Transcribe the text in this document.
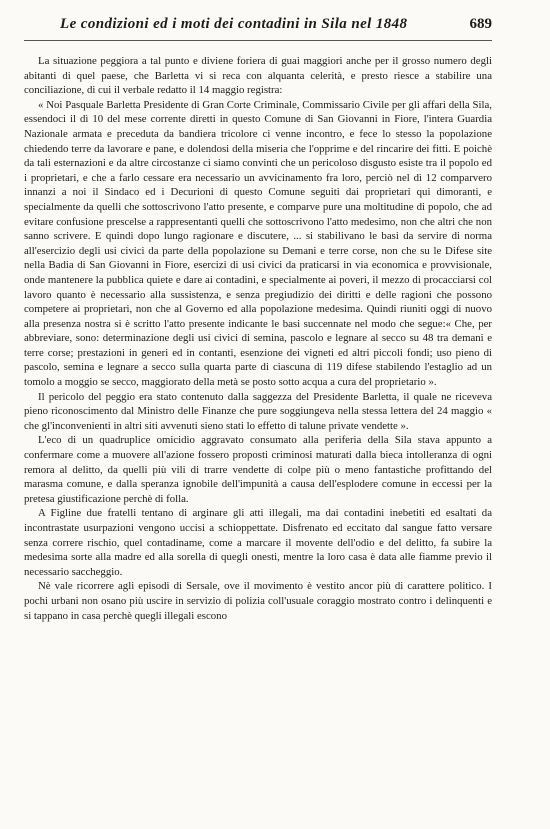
Le condizioni ed i moti dei contadini in Sila nel 1848	689

La situazione peggiora a tal punto e diviene foriera di guai maggiori anche per il grosso numero degli abitanti di quel paese, che Barletta vi si reca con alquanta celerità, e presto riesce a stabilire una conciliazione, di cui il verbale redatto il 14 maggio registra:

« Noi Pasquale Barletta Presidente di Gran Corte Criminale, Commissario Civile per gli affari della Sila, essendoci il dì 10 del mese corrente diretti in questo Comune di San Giovanni in Fiore, l'intera Guardia Nazionale armata e preceduta da bandiera tricolore ci venne incontro, e fece lo stesso la popolazione chiedendo terre da lavorare e pane, e dolendosi della miseria che l'opprime e del rincarire dei fitti. E poichè da tali esternazioni e da altre circostanze ci siamo convinti che un pericoloso disgusto esiste tra il popolo ed i proprietari, e che a farlo cessare era necessario un avvicinamento fra loro, perciò nel dì 12 comparvero innanzi a noi il Sindaco ed i Decurioni di questo Comune seguiti dai proprietari qui dimoranti, e specialmente da quelli che sottoscrivono l'atto presente, e comparve pure una moltitudine di popolo, che ad evitare confusione prescelse a rappresentanti quelli che sottoscrivono l'atto medesimo, non che altri che non sanno scrivere. E quindi dopo lungo ragionare e discutere, ... si stabilivano le basi da servire di norma all'esercizio degli usi civici da parte della popolazione su Demani e terre corse, non che su le Difese site nella Badia di San Giovanni in Fiore, esercizi di usi civici da praticarsi in via economica e provvisionale, onde mantenere la pubblica quiete e dare ai contadini, e specialmente ai poveri, il mezzo di procacciarsi col lavoro quanto è necessario alla sussistenza, e senza pregiudizio dei diritti e delle ragioni che possono competere ai proprietari, non che al Governo ed alla popolazione medesima. Quindi riuniti oggi di nuovo alla presenza nostra si è scritto l'atto presente indicante le basi succennate nel modo che segue:« Che, per abbreviare, sono: determinazione degli usi civici di semina, pascolo e legnare al secco su 48 tra demani e terre corse; prestazioni in generi ed in contanti, esenzione dei vigneti ed altri piccoli fondi; uso pieno di pascolo, semina e legnare a secco sulla quarta parte di ciascuna di 119 difese stabilendo l'estaglio ad un tomolo a moggio se secco, maggiorato della metà se posto sotto acqua a cura del proprietario ».

Il pericolo del peggio era stato contenuto dalla saggezza del Presidente Barletta, il quale ne riceveva pieno riconoscimento dal Ministro delle Finanze che pure soggiungeva nella stessa lettera del 24 maggio « che gl'inconvenienti in altri siti avvenuti sieno stati lo effetto di talune private vendette ».

L'eco di un quadruplice omicidio aggravato consumato alla periferia della Sila stava appunto a confermare come a muovere all'azione fossero proposti criminosi maturati dalla bieca intolleranza di ogni remora al delitto, da quelli più vili di trarre vendette di colpe più o meno fantastiche profittando del marasma comune, e dalla speranza ignobile dell'impunità a causa dell'esplodere comune in eccessi per la pretesa giustificazione perchè di folla.

A Figline due fratelli tentano di arginare gli atti illegali, ma dai contadini inebetiti ed esaltati da incontrastate usurpazioni vengono uccisi a schioppettate. Disfrenato ed eccitato dal sangue fatto versare senza correre rischio, quel contadiname, come a marcare il movente dell'odio e del delitto, fa subire la medesima sorte alla madre ed alla sorella di quegli onesti, mentre la loro casa è data alle fiamme previo il necessario saccheggio.

Nè vale ricorrere agli episodi di Sersale, ove il movimento è vestito ancor più di carattere politico. I pochi urbani non osano più uscire in servizio di polizia coll'usuale coraggio mostrato contro i delinquenti e si tappano in casa perchè quegli illegali escono
